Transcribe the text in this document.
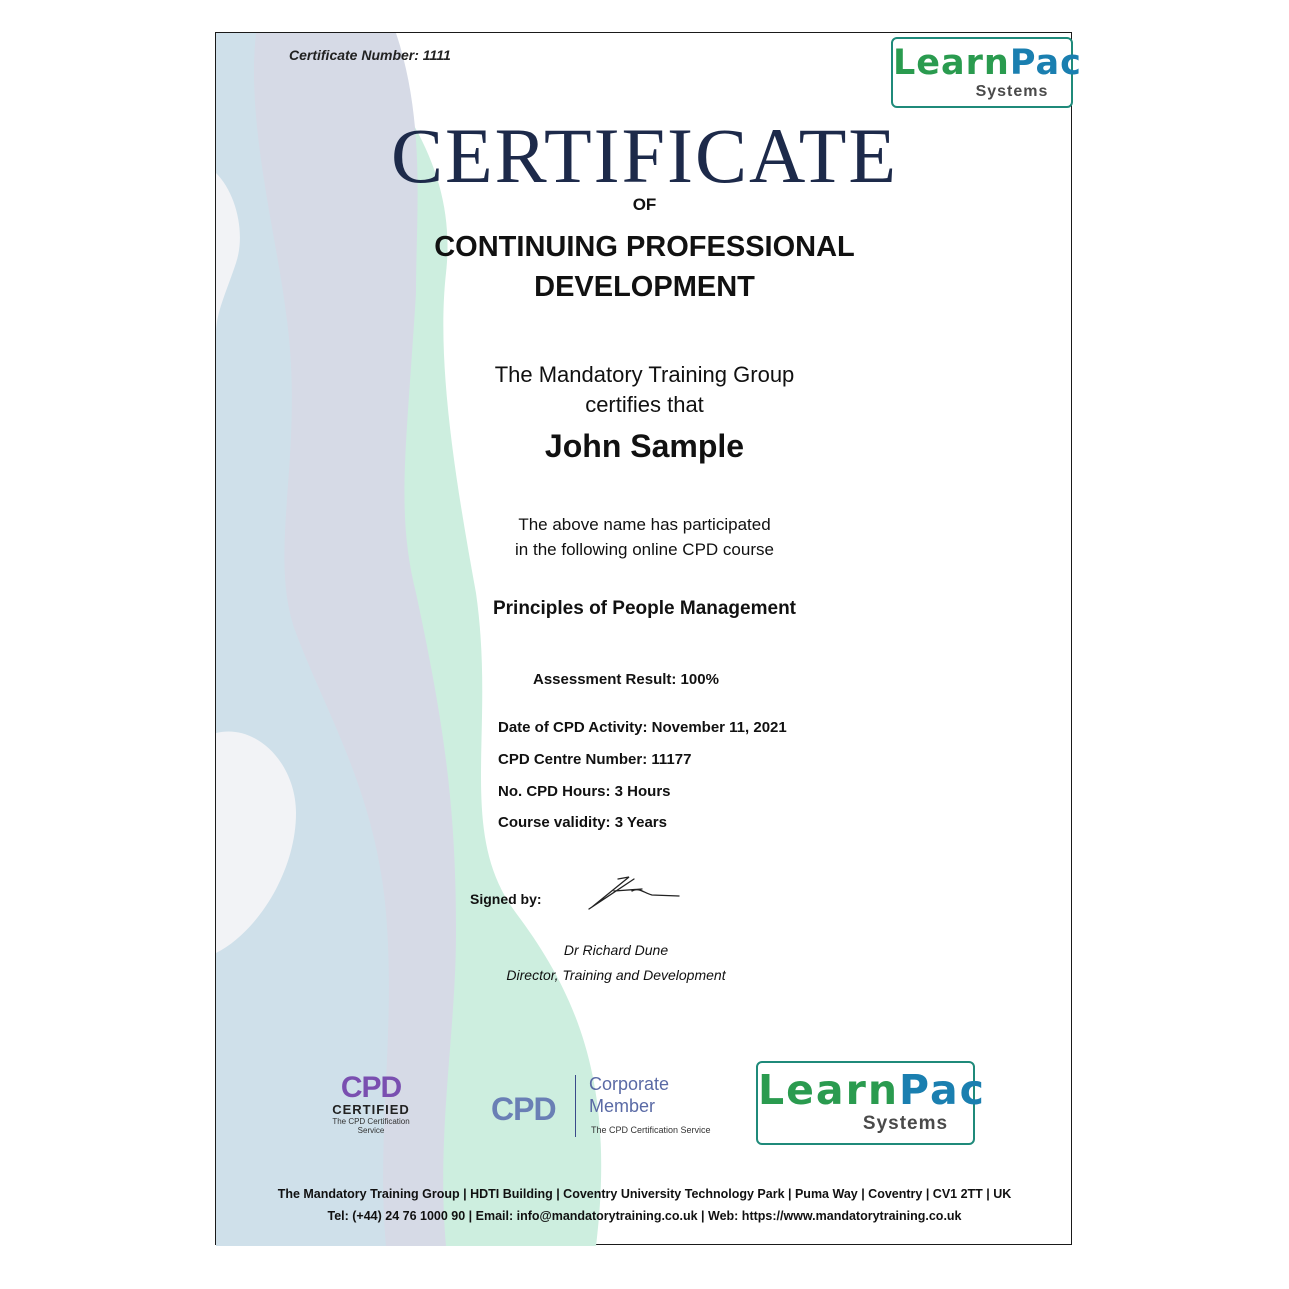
Certificate Number: 1111	LearnPac
Systems
CERTIFICATE
OF
CONTINUING PROFESSIONAL
DEVELOPMENT
The Mandatory Training Group
certifies that
John Sample
The above name has participated
in the following online CPD course
Principles of People Management
Assessment Result: 100%
Date of CPD Activity: November 11, 2021
CPD Centre Number: 11177
No. CPD Hours: 3 Hours
Course validity: 3 Years
Signed by:
Dr Richard Dune
Director, Training and Development
CPD
CERTIFIED
The CPD Certification Service
CPD
Corporate
Member
The CPD Certification Service
LearnPac
Systems
The Mandatory Training Group | HDTI Building | Coventry University Technology Park | Puma Way | Coventry | CV1 2TT | UK
Tel: (+44) 24 76 1000 90 | Email: info@mandatorytraining.co.uk | Web: https://www.mandatorytraining.co.uk
